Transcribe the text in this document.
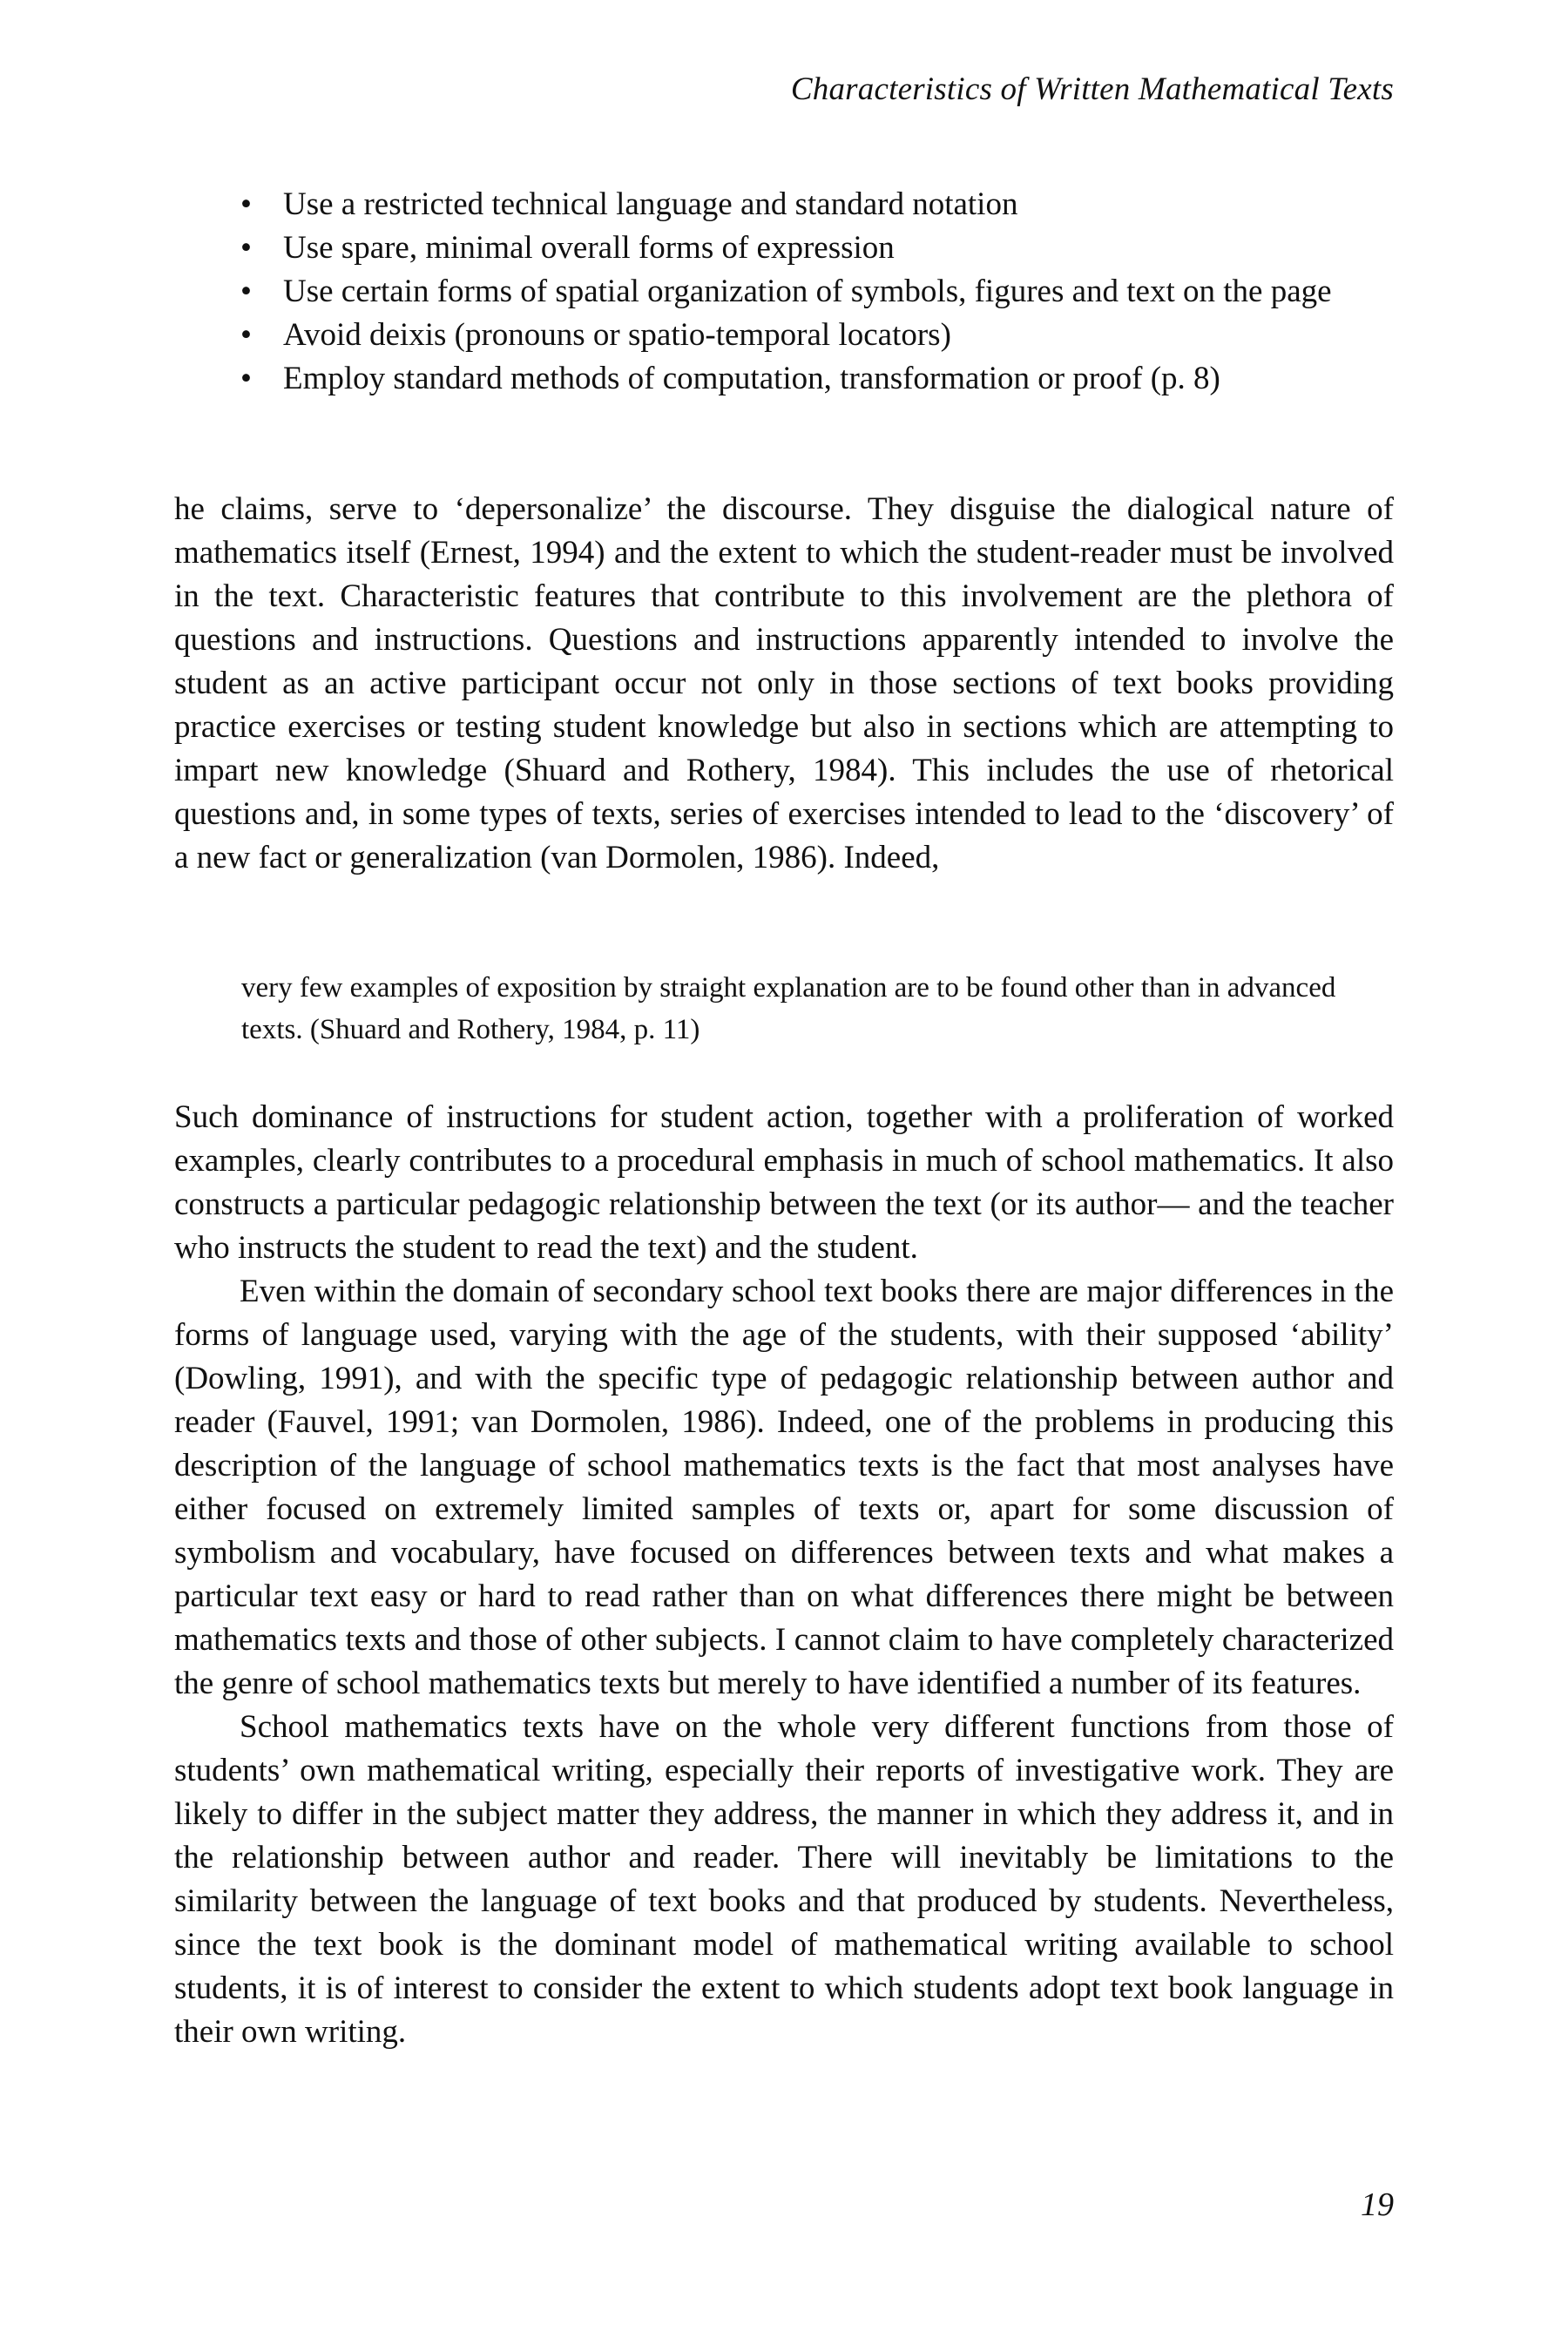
Characteristics of Written Mathematical Texts
• Use a restricted technical language and standard notation
• Use spare, minimal overall forms of expression
• Use certain forms of spatial organization of symbols, figures and text on the page
• Avoid deixis (pronouns or spatio-temporal locators)
• Employ standard methods of computation, transformation or proof (p. 8)

he claims, serve to ‘depersonalize’ the discourse. They disguise the dialogical nature of mathematics itself (Ernest, 1994) and the extent to which the student-reader must be involved in the text. Characteristic features that contribute to this involvement are the plethora of questions and instructions. Questions and instructions apparently intended to involve the student as an active participant occur not only in those sections of text books providing practice exercises or testing student knowledge but also in sections which are attempting to impart new knowledge (Shuard and Rothery, 1984). This includes the use of rhetorical questions and, in some types of texts, series of exercises intended to lead to the ‘discovery’ of a new fact or generalization (van Dormolen, 1986). Indeed,

very few examples of exposition by straight explanation are to be found other than in advanced texts. (Shuard and Rothery, 1984, p. 11)

Such dominance of instructions for student action, together with a proliferation of worked examples, clearly contributes to a procedural emphasis in much of school mathematics. It also constructs a particular pedagogic relationship between the text (or its author— and the teacher who instructs the student to read the text) and the student.

Even within the domain of secondary school text books there are major differences in the forms of language used, varying with the age of the students, with their supposed ‘ability’ (Dowling, 1991), and with the specific type of pedagogic relationship between author and reader (Fauvel, 1991; van Dormolen, 1986). Indeed, one of the problems in producing this description of the language of school mathematics texts is the fact that most analyses have either focused on extremely limited samples of texts or, apart for some discussion of symbolism and vocabulary, have focused on differences between texts and what makes a particular text easy or hard to read rather than on what differences there might be between mathematics texts and those of other subjects. I cannot claim to have completely characterized the genre of school mathematics texts but merely to have identified a number of its features.

School mathematics texts have on the whole very different functions from those of students’ own mathematical writing, especially their reports of investigative work. They are likely to differ in the subject matter they address, the manner in which they address it, and in the relationship between author and reader. There will inevitably be limitations to the similarity between the language of text books and that produced by students. Nevertheless, since the text book is the dominant model of mathematical writing available to school students, it is of interest to consider the extent to which students adopt text book language in their own writing.

19
